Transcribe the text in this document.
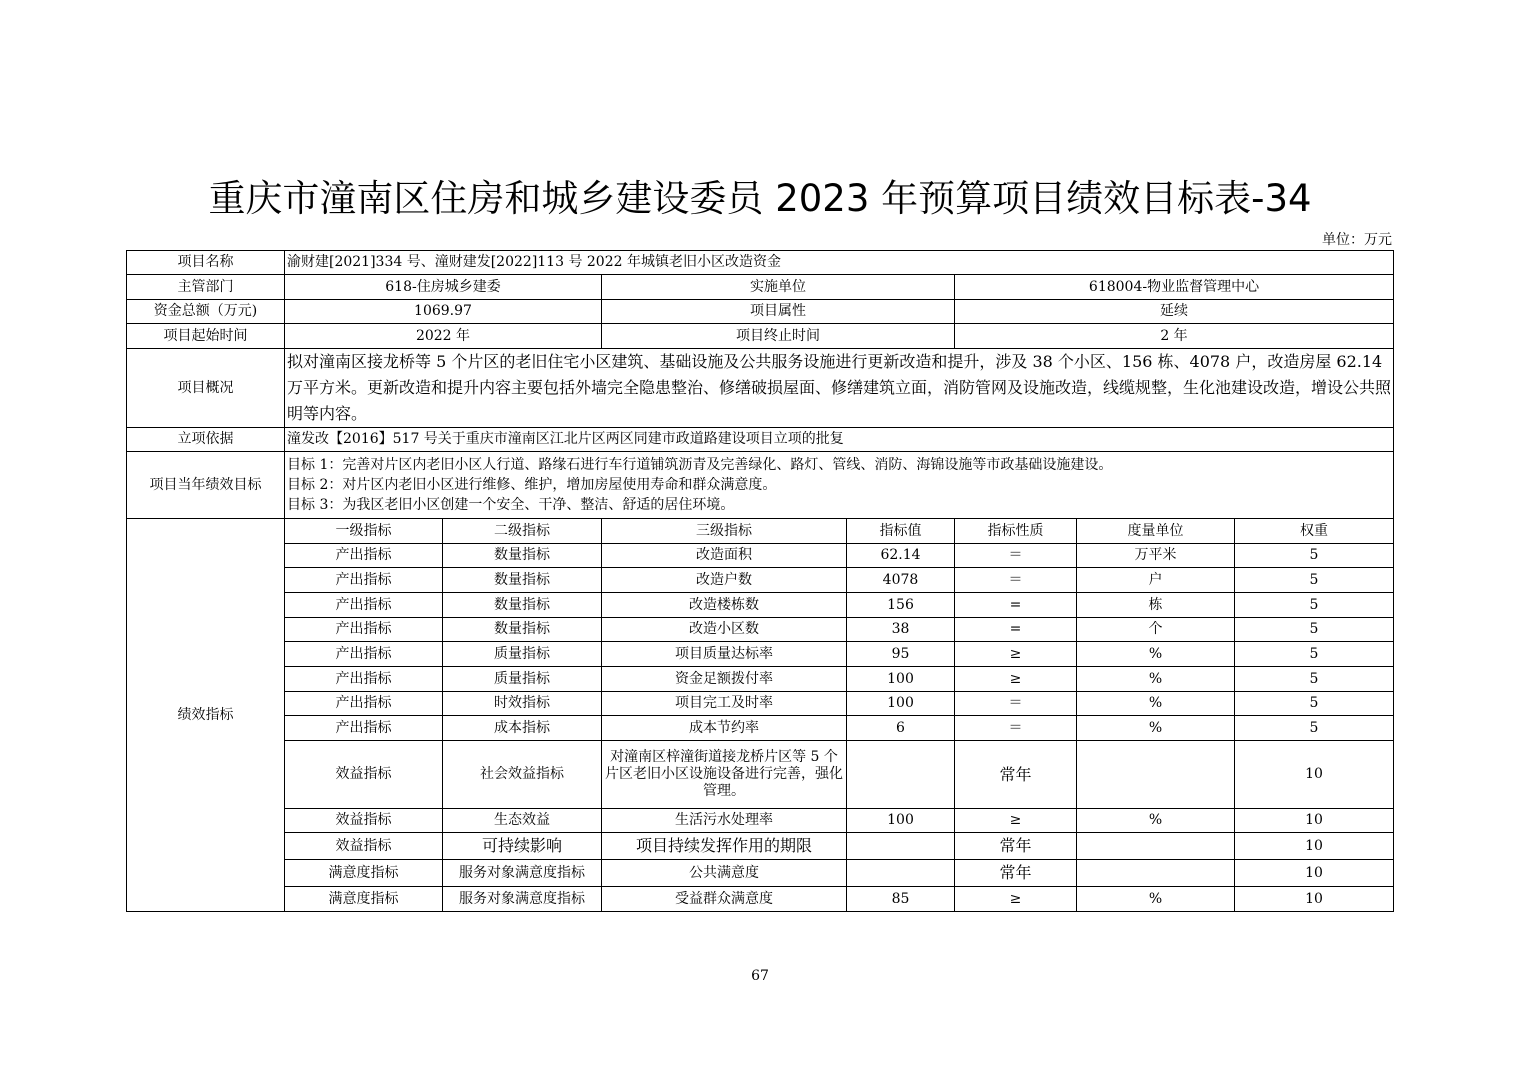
重庆市潼南区住房和城乡建设委员 2023 年预算项目绩效目标表-34
单位：万元
项目名称	渝财建[2021]334 号、潼财建发[2022]113 号 2022 年城镇老旧小区改造资金						
主管部门	618-住房城乡建委		实施单位		618004-物业监督管理中心		
资金总额（万元)	1069.97		项目属性		延续		
项目起始时间	2022 年		项目终止时间		2 年		
项目概况	拟对潼南区接龙桥等 5 个片区的老旧住宅小区建筑、基础设施及公共服务设施进行更新改造和提升，涉及 38 个小区、156 栋、4078 户，改造房屋 62.14 万平方米。更新改造和提升内容主要包括外墙完全隐患整治、修缮破损屋面、修缮建筑立面，消防管网及设施改造，线缆规整，生化池建设改造，增设公共照明等内容。						
立项依据	潼发改【2016】517 号关于重庆市潼南区江北片区两区同建市政道路建设项目立项的批复						
项目当年绩效目标	目标 1：完善对片区内老旧小区人行道、路缘石进行车行道铺筑沥青及完善绿化、路灯、管线、消防、海锦设施等市政基础设施建设。
目标 2：对片区内老旧小区进行维修、维护，增加房屋使用寿命和群众满意度。
目标 3：为我区老旧小区创建一个安全、干净、整洁、舒适的居住环境。						

绩效指标	一级指标	二级指标	三级指标	指标值	指标性质	度量单位	权重
	产出指标	数量指标	改造面积	62.14	＝	万平米	5
	产出指标	数量指标	改造户数	4078	＝	户	5
	产出指标	数量指标	改造楼栋数	156	=	栋	5
	产出指标	数量指标	改造小区数	38	=	个	5
	产出指标	质量指标	项目质量达标率	95	≥	%	5
	产出指标	质量指标	资金足额拨付率	100	≥	%	5
	产出指标	时效指标	项目完工及时率	100	＝	%	5
	产出指标	成本指标	成本节约率	6	＝	%	5
	效益指标	社会效益指标	对潼南区梓潼街道接龙桥片区等 5 个片区老旧小区设施设备进行完善，强化管理。		常年		10
	效益指标	生态效益	生活污水处理率	100	≥	%	10
	效益指标	可持续影响	项目持续发挥作用的期限		常年		10
	满意度指标	服务对象满意度指标	公共满意度		常年		10
	满意度指标	服务对象满意度指标	受益群众满意度	85	≥	%	10
67
